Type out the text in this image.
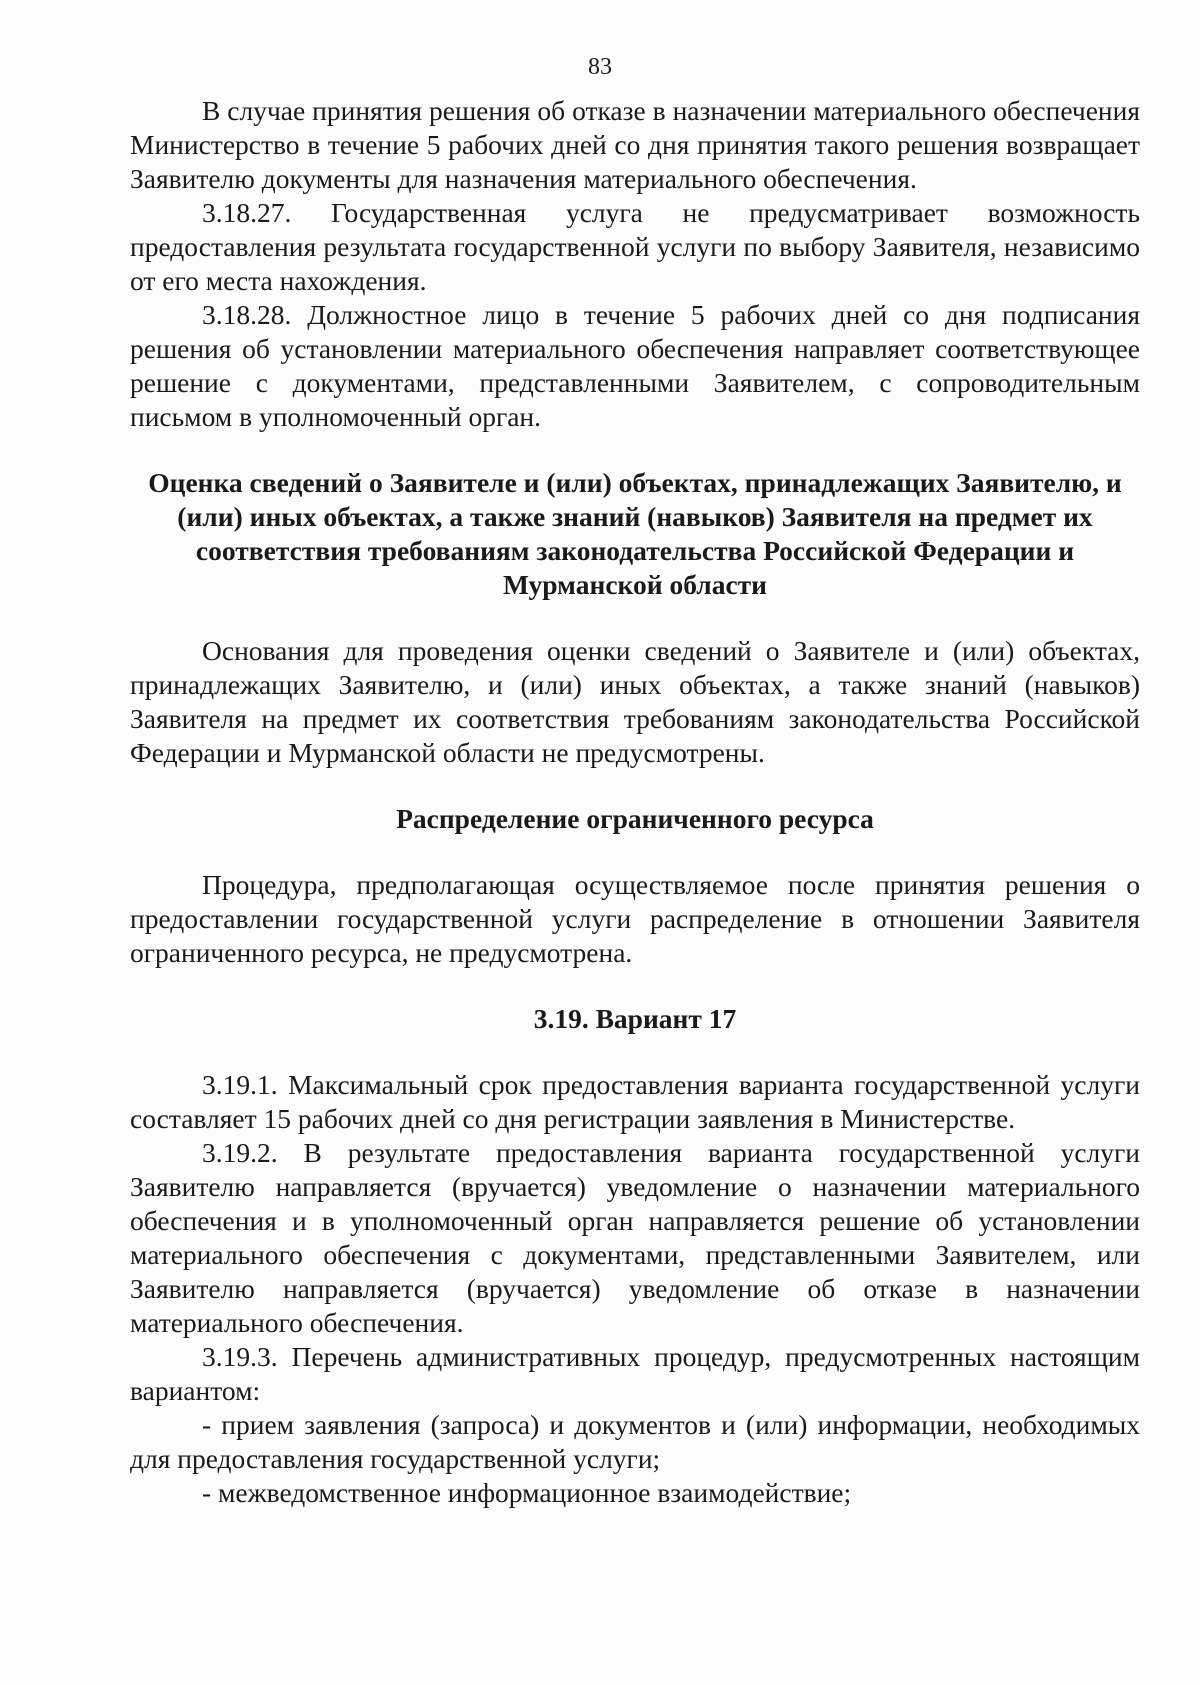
83

В случае принятия решения об отказе в назначении материального обеспечения Министерство в течение 5 рабочих дней со дня принятия такого решения возвращает Заявителю документы для назначения материального обеспечения.

3.18.27. Государственная услуга не предусматривает возможность предоставления результата государственной услуги по выбору Заявителя, независимо от его места нахождения.

3.18.28. Должностное лицо в течение 5 рабочих дней со дня подписания решения об установлении материального обеспечения направляет соответствующее решение с документами, представленными Заявителем, с сопроводительным письмом в уполномоченный орган.

Оценка сведений о Заявителе и (или) объектах, принадлежащих Заявителю, и (или) иных объектах, а также знаний (навыков) Заявителя на предмет их соответствия требованиям законодательства Российской Федерации и Мурманской области

Основания для проведения оценки сведений о Заявителе и (или) объектах, принадлежащих Заявителю, и (или) иных объектах, а также знаний (навыков) Заявителя на предмет их соответствия требованиям законодательства Российской Федерации и Мурманской области не предусмотрены.

Распределение ограниченного ресурса

Процедура, предполагающая осуществляемое после принятия решения о предоставлении государственной услуги распределение в отношении Заявителя ограниченного ресурса, не предусмотрена.

3.19. Вариант 17

3.19.1. Максимальный срок предоставления варианта государственной услуги составляет 15 рабочих дней со дня регистрации заявления в Министерстве.

3.19.2. В результате предоставления варианта государственной услуги Заявителю направляется (вручается) уведомление о назначении материального обеспечения и в уполномоченный орган направляется решение об установлении материального обеспечения с документами, представленными Заявителем, или Заявителю направляется (вручается) уведомление об отказе в назначении материального обеспечения.

3.19.3. Перечень административных процедур, предусмотренных настоящим вариантом:

- прием заявления (запроса) и документов и (или) информации, необходимых для предоставления государственной услуги;

- межведомственное информационное взаимодействие;
